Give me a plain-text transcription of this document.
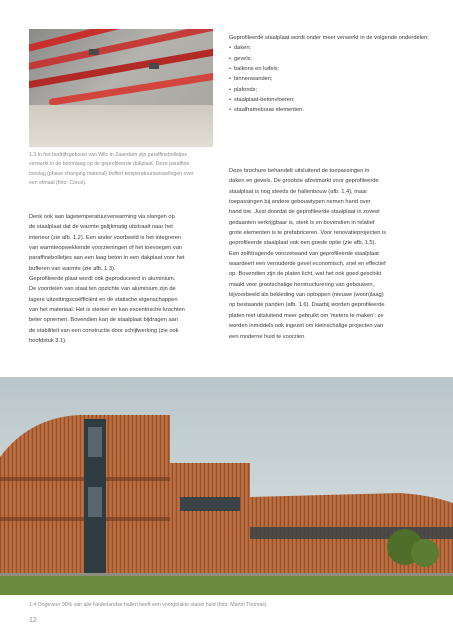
1.3 In het bedrijfsgebouw van Wilo in Zaandam zijn paraffinebolletjes
verwerkt in de betonlaag op de geprofileerde dakplaat. Deze paraffine
toeslag (phase changing material) buffert temperatuurswisselingen over
een etmaal (foto: Corus).
Denk ook aan lagetemperatuurverwarming via slangen op
de staalplaat dat de warmte gelijkmatig uitstraalt naar het
interieur (zie afb. 1.2). Een ander voorbeeld is het integreren
van warmteopwekkende voorzieningen of het toevoegen van
paraffinebolletjes aan een laag beton in een dakplaat voor het
bufferen van warmte (zie afb. 1.3).
Geprofileerde plaat wordt ook geproduceerd in aluminium.
De voordelen van staal ten opzichte van aluminium zijn de
lagere uitzettingscoëfficiënt en de statische eigenschappen
van het materiaal. Het is sterker en kan excentrische krachten
beter opnemen. Bovendien kan de staalplaat bijdragen aan
de stabiliteit van een constructie door schijfwerking (zie ook
hoofdstuk 3.1).
Geprofileerde staalplaat wordt onder meer verwerkt in de volgende onderdelen;
• daken;
• gevels;
• balkons en luifels;
• binnenwanden;
• plafonds;
• staalplaat-betonvloeren;
• staalframebouw elementen.
Deze brochure behandelt uitsluitend de toepassingen in
daken en gevels. De grootste afzetmarkt voor geprofileerde
staalplaat is nog steeds de hallenbouw (afb. 1.4), maar
toepassingen bij andere gebouwtypen nemen hand over
hand toe. Juist doordat de geprofileerde staalplaat in zoveel
gedaanten verkrijgbaar is, sterk is en bovendien in relatief
grote elementen is te prefabriceren. Voor renovatieprojecten is
geprofileerde staalplaat ook een goede optie (zie afb. 1.5).
Een zelfdragende voorzetwand van geprofileerde staalplaat
waardeert een verouderde gevel economisch, snel en effectief
op. Bovendien zijn de platen licht, wat het ook goed geschikt
maakt voor grootschalige herstructurering van gebouwen,
bijvoorbeeld als bekleding van optoppen (nieuwe (woon)laag)
op bestaande panden (afb. 1.6). Daarbij worden geprofileerde
platen niet uitsluitend meer gebruikt om 'meters te maken': ze
worden inmiddels ook ingezet om kleinschalige projecten van
een moderne huid te voorzien.
1.4 Ongeveer 90% van alle Nederlandse hallen heeft een voorgelakte stalen huid (foto: Martin Thomas).
12
